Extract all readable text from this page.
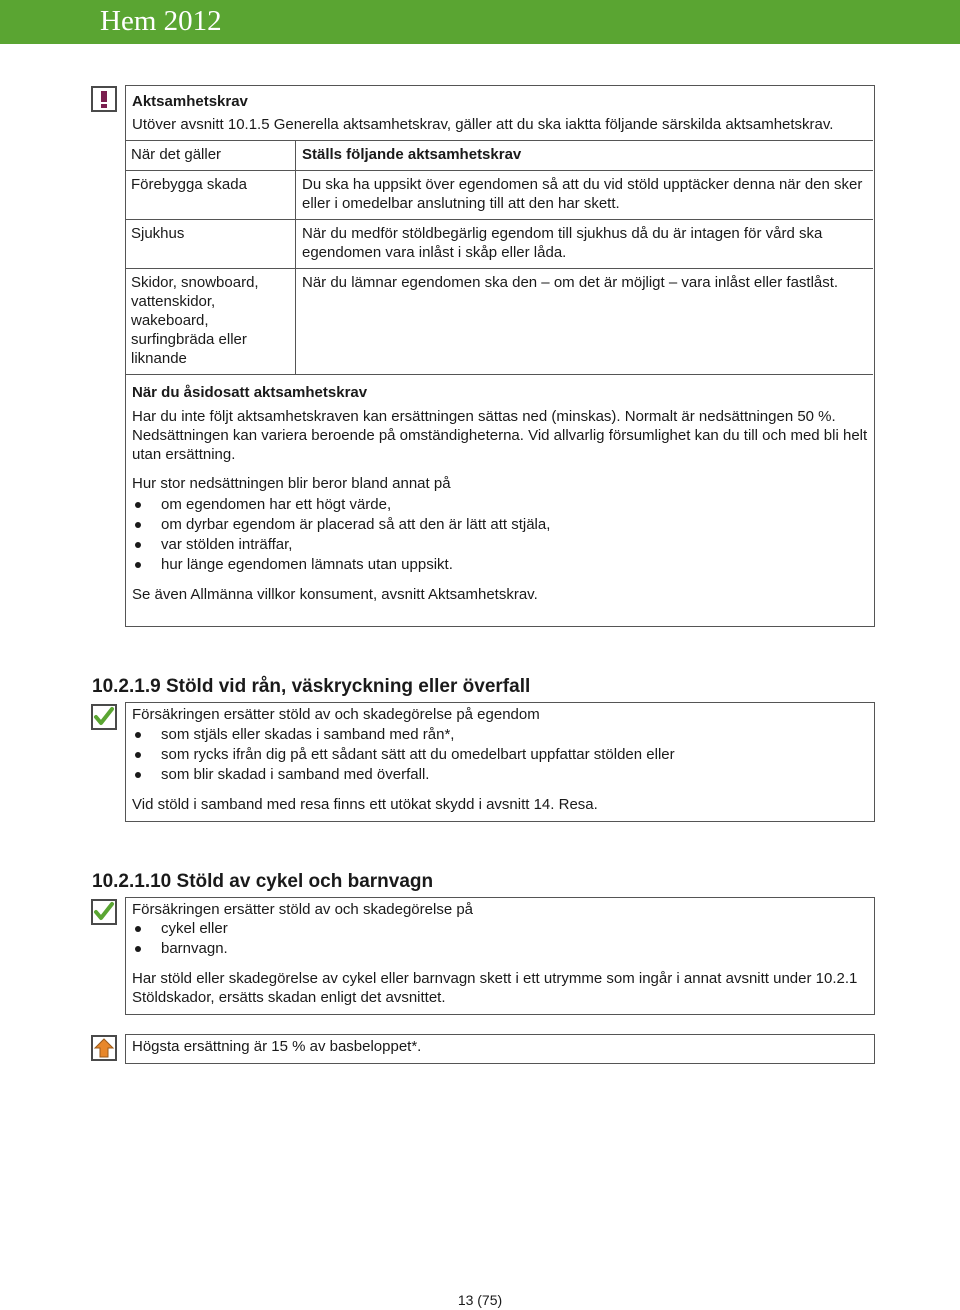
Hem 2012

Aktsamhetskrav

Utöver avsnitt 10.1.5 Generella aktsamhetskrav, gäller att du ska iaktta följande särskilda aktsamhetskrav.

När det gäller	Ställs följande aktsamhetskrav
Förebygga skada	Du ska ha uppsikt över egendomen så att du vid stöld upptäcker denna när den sker eller i omedelbar anslutning till att den har skett.
Sjukhus	När du medför stöldbegärlig egendom till sjukhus då du är intagen för vård ska egendomen vara inlåst i skåp eller låda.
Skidor, snowboard, vattenskidor, wakeboard, surfingbräda eller liknande	När du lämnar egendomen ska den – om det är möjligt – vara inlåst eller fastlåst.

När du åsidosatt aktsamhetskrav

Har du inte följt aktsamhetskraven kan ersättningen sättas ned (minskas). Normalt är nedsättningen 50 %. Nedsättningen kan variera beroende på omständigheterna. Vid allvarlig försumlighet kan du till och med bli helt utan ersättning.

Hur stor nedsättningen blir beror bland annat på

om egendomen har ett högt värde,
om dyrbar egendom är placerad så att den är lätt att stjäla,
var stölden inträffar,
hur länge egendomen lämnats utan uppsikt.

Se även Allmänna villkor konsument, avsnitt Aktsamhetskrav.

10.2.1.9 Stöld vid rån, väskryckning eller överfall

Försäkringen ersätter stöld av och skadegörelse på egendom

som stjäls eller skadas i samband med rån*,
som rycks ifrån dig på ett sådant sätt att du omedelbart uppfattar stölden eller
som blir skadad i samband med överfall.

Vid stöld i samband med resa finns ett utökat skydd i avsnitt 14. Resa.

10.2.1.10 Stöld av cykel och barnvagn

Försäkringen ersätter stöld av och skadegörelse på

cykel eller
barnvagn.

Har stöld eller skadegörelse av cykel eller barnvagn skett i ett utrymme som ingår i annat avsnitt under 10.2.1 Stöldskador, ersätts skadan enligt det avsnittet.

Högsta ersättning är 15 % av basbeloppet*.

13 (75)
